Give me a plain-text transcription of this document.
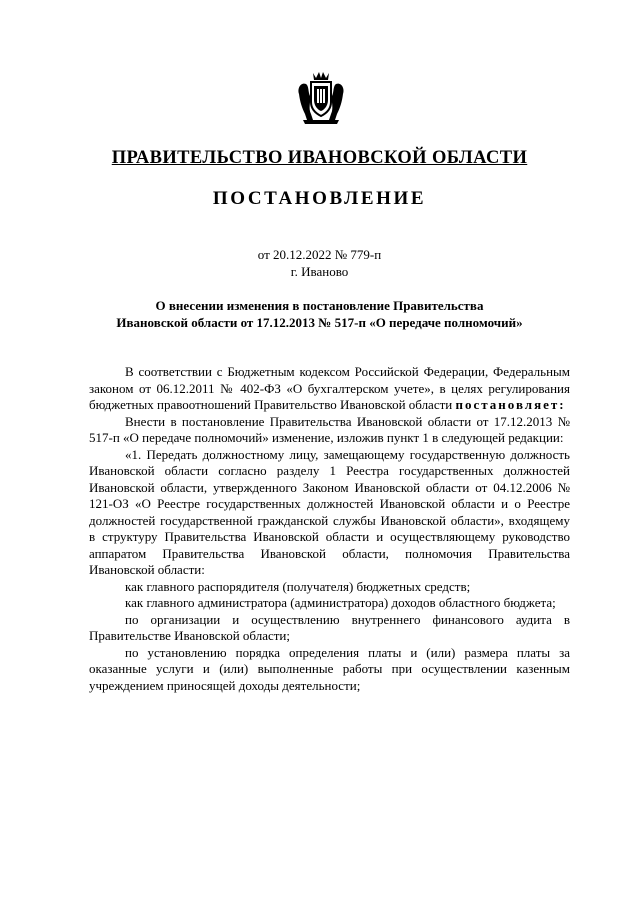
ПРАВИТЕЛЬСТВО ИВАНОВСКОЙ ОБЛАСТИ
ПОСТАНОВЛЕНИЕ
от 20.12.2022 № 779-п
г. Иваново
О внесении изменения в постановление Правительства
Ивановской области от 17.12.2013 № 517-п «О передаче полномочий»

В соответствии с Бюджетным кодексом Российской Федерации, Федеральным законом от 06.12.2011 № 402-ФЗ «О бухгалтерском учете», в целях регулирования бюджетных правоотношений Правительство Ивановской области постановляет:

Внести в постановление Правительства Ивановской области от 17.12.2013 № 517-п «О передаче полномочий» изменение, изложив пункт 1 в следующей редакции:

«1. Передать должностному лицу, замещающему государственную должность Ивановской области согласно разделу 1 Реестра государственных должностей Ивановской области, утвержденного Законом Ивановской области от 04.12.2006 № 121-ОЗ «О Реестре государственных должностей Ивановской области и о Реестре должностей государственной гражданской службы Ивановской области», входящему в структуру Правительства Ивановской области и осуществляющему руководство аппаратом Правительства Ивановской области, полномочия Правительства Ивановской области:

как главного распорядителя (получателя) бюджетных средств;

как главного администратора (администратора) доходов областного бюджета;

по организации и осуществлению внутреннего финансового аудита в Правительстве Ивановской области;

по установлению порядка определения платы и (или) размера платы за оказанные услуги и (или) выполненные работы при осуществлении казенным учреждением приносящей доходы деятельности;
